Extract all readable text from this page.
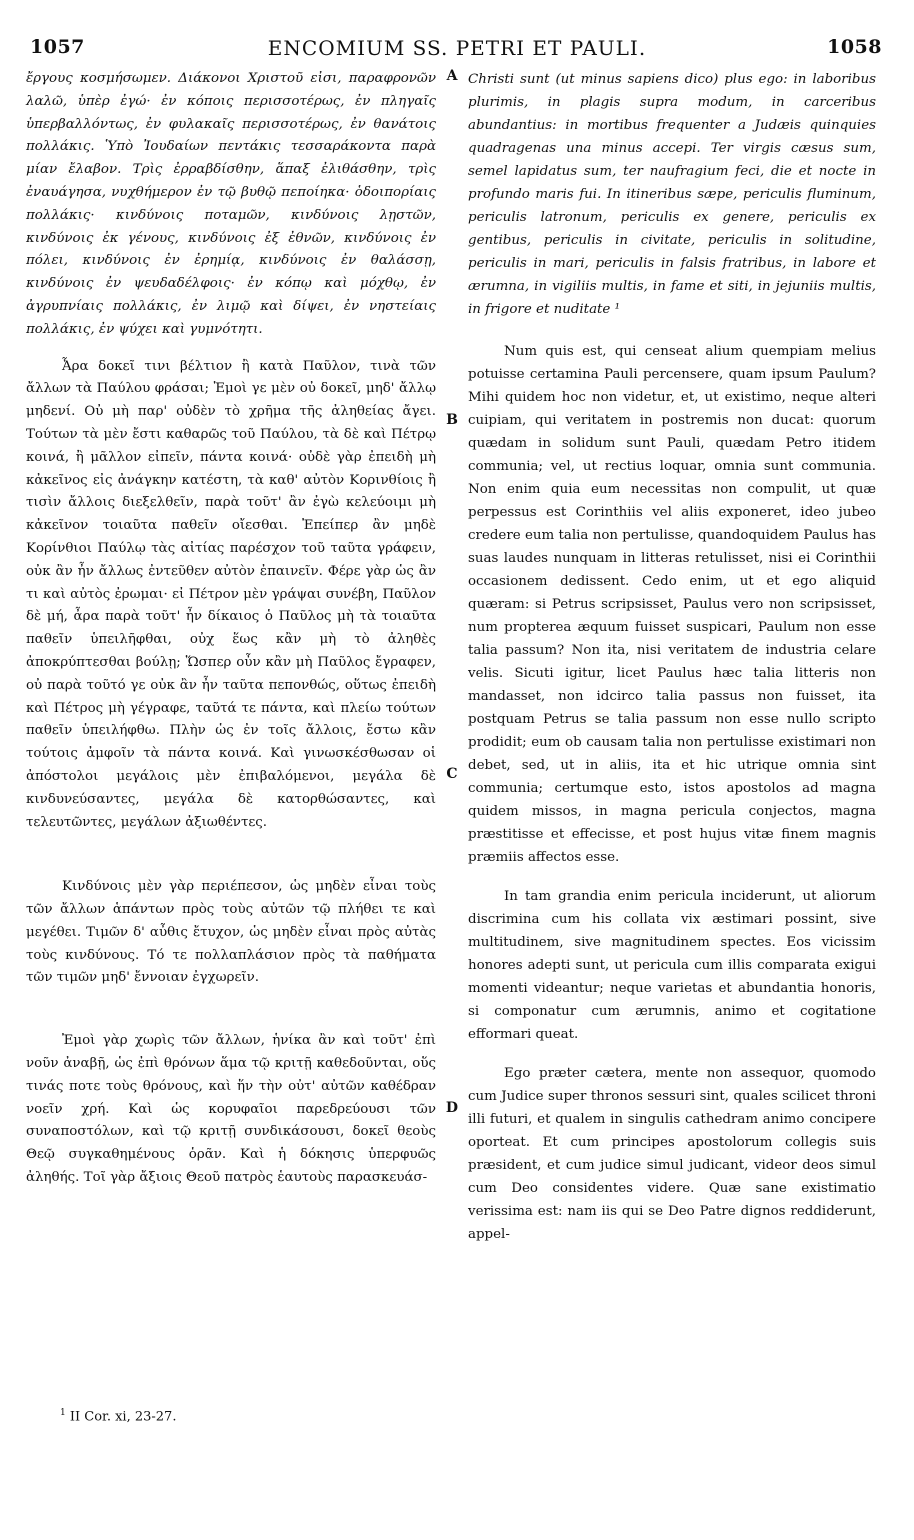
1057	ENCOMIUM SS. PETRI ET PAULI.	1058

ἔργους κοσμήσωμεν. Διάκονοι Χριστοῦ εἰσι, παραφρονῶν λαλῶ, ὑπὲρ ἐγώ· ἐν κόποις περισσοτέρως, ἐν πληγαῖς ὑπερβαλλόντως, ἐν φυλακαῖς περισσοτέρως, ἐν θανάτοις πολλάκις. Ὑπὸ Ἰουδαίων πεντάκις τεσσαράκοντα παρὰ μίαν ἔλαβον. Τρὶς ἐρραβδίσθην, ἅπαξ ἐλιθάσθην, τρὶς ἐναυάγησα, νυχθήμερον ἐν τῷ βυθῷ πεποίηκα· ὁδοιπορίαις πολλάκις· κινδύνοις ποταμῶν, κινδύνοις λῃστῶν, κινδύνοις ἐκ γένους, κινδύνοις ἐξ ἐθνῶν, κινδύνοις ἐν πόλει, κινδύνοις ἐν ἐρημίᾳ, κινδύνοις ἐν θαλάσσῃ, κινδύνοις ἐν ψευδαδέλφοις· ἐν κόπῳ καὶ μόχθῳ, ἐν ἀγρυπνίαις πολλάκις, ἐν λιμῷ καὶ δίψει, ἐν νηστείαις πολλάκις, ἐν ψύχει καὶ γυμνότητι.

Ἆρα δοκεῖ τινι βέλτιον ἢ κατὰ Παῦλον, τινὰ τῶν ἄλλων τὰ Παύλου φράσαι; Ἐμοὶ γε μὲν οὐ δοκεῖ, μηδ' ἄλλῳ μηδενί. Οὐ μὴ παρ' οὐδὲν τὸ χρῆμα τῆς ἀληθείας ἄγει. Τούτων τὰ μὲν ἔστι καθαρῶς τοῦ Παύλου, τὰ δὲ καὶ Πέτρῳ κοινά, ἢ μᾶλλον εἰπεῖν, πάντα κοινά· οὐδὲ γὰρ ἐπειδὴ μὴ κἀκεῖνος εἰς ἀνάγκην κατέστη, τὰ καθ' αὐτὸν Κορινθίοις ἢ τισὶν ἄλλοις διεξελθεῖν, παρὰ τοῦτ' ἂν ἐγὼ κελεύοιμι μὴ κἀκεῖνον τοιαῦτα παθεῖν οἴεσθαι. Ἐπείπερ ἂν μηδὲ Κορίνθιοι Παύλῳ τὰς αἰτίας παρέσχον τοῦ ταῦτα γράφειν, οὐκ ἂν ἦν ἄλλως ἐντεῦθεν αὐτὸν ἐπαινεῖν. Φέρε γὰρ ὡς ἂν τι καὶ αὐτὸς ἐρωμαι· εἰ Πέτρον μὲν γράψαι συνέβη, Παῦλον δὲ μή, ἆρα παρὰ τοῦτ' ἦν δίκαιος ὁ Παῦλος μὴ τὰ τοιαῦτα παθεῖν ὑπειλῆφθαι, οὐχ ἕως κἂν μὴ τὸ ἀληθὲς ἀποκρύπτεσθαι βούλῃ; Ὥσπερ οὖν κἂν μὴ Παῦλος ἔγραφεν, οὐ παρὰ τοῦτό γε οὐκ ἂν ἦν ταῦτα πεπονθώς, οὕτως ἐπειδὴ καὶ Πέτρος μὴ γέγραφε, ταῦτά τε πάντα, καὶ πλείω τούτων παθεῖν ὑπειλήφθω. Πλὴν ὡς ἐν τοῖς ἄλλοις, ἔστω κἂν τούτοις ἀμφοῖν τὰ πάντα κοινά. Καὶ γινωσκέσθωσαν οἱ ἀπόστολοι μεγάλοις μὲν ἐπιβαλόμενοι, μεγάλα δὲ κινδυνεύσαντες, μεγάλα δὲ κατορθώσαντες, καὶ τελευτῶντες, μεγάλων ἀξιωθέντες.

Κινδύνοις μὲν γὰρ περιέπεσον, ὡς μηδὲν εἶναι τοὺς τῶν ἄλλων ἁπάντων πρὸς τοὺς αὐτῶν τῷ πλήθει τε καὶ μεγέθει. Τιμῶν δ' αὖθις ἔτυχον, ὡς μηδὲν εἶναι πρὸς αὐτὰς τοὺς κινδύνους. Τό τε πολλαπλάσιον πρὸς τὰ παθήματα τῶν τιμῶν μηδ' ἔννοιαν ἐγχωρεῖν.

Ἐμοὶ γὰρ χωρὶς τῶν ἄλλων, ἡνίκα ἂν καὶ τοῦτ' ἐπὶ νοῦν ἀναβῇ, ὡς ἐπὶ θρόνων ἅμα τῷ κριτῇ καθεδοῦνται, οὕς τινάς ποτε τοὺς θρόνους, καὶ ἥν τὴν οὐτ' αὐτῶν καθέδραν νοεῖν χρή. Καὶ ὡς κορυφαῖοι παρεδρεύουσι τῶν συναποστόλων, καὶ τῷ κριτῇ συνδικάσουσι, δοκεῖ θεοὺς Θεῷ συγκαθημένους ὁρᾶν. Καὶ ἡ δόκησις ὑπερφυῶς ἀληθής. Τοῖ γὰρ ἄξιοις Θεοῦ πατρὸς ἑαυτοὺς παρασκευάσ-

Christi sunt (ut minus sapiens dico) plus ego: in laboribus plurimis, in plagis supra modum, in carceribus abundantius: in mortibus frequenter a Judæis quinquies quadragenas una minus accepi. Ter virgis cæsus sum, semel lapidatus sum, ter naufragium feci, die et nocte in profundo maris fui. In itineribus sæpe, periculis fluminum, periculis latronum, periculis ex genere, periculis ex gentibus, periculis in civitate, periculis in solitudine, periculis in mari, periculis in falsis fratribus, in labore et ærumna, in vigiliis multis, in fame et siti, in jejuniis multis, in frigore et nuditate ¹

Num quis est, qui censeat alium quempiam melius potuisse certamina Pauli percensere, quam ipsum Paulum? Mihi quidem hoc non videtur, et, ut existimo, neque alteri cuipiam, qui veritatem in postremis non ducat: quorum quædam in solidum sunt Pauli, quædam Petro itidem communia; vel, ut rectius loquar, omnia sunt communia. Non enim quia eum necessitas non compulit, ut quæ perpessus est Corinthiis vel aliis exponeret, ideo jubeo credere eum talia non pertulisse, quandoquidem Paulus has suas laudes nunquam in litteras retulisset, nisi ei Corinthii occasionem dedissent. Cedo enim, ut et ego aliquid quæram: si Petrus scripsisset, Paulus vero non scripsisset, num propterea æquum fuisset suspicari, Paulum non esse talia passum? Non ita, nisi veritatem de industria celare velis. Sicuti igitur, licet Paulus hæc talia litteris non mandasset, non idcirco talia passus non fuisset, ita postquam Petrus se talia passum non esse nullo scripto prodidit; eum ob causam talia non pertulisse existimari non debet, sed, ut in aliis, ita et hic utrique omnia sint communia; certumque esto, istos apostolos ad magna quidem missos, in magna pericula conjectos, magna præstitisse et effecisse, et post hujus vitæ finem magnis præmiis affectos esse.

In tam grandia enim pericula inciderunt, ut aliorum discrimina cum his collata vix æstimari possint, sive multitudinem, sive magnitudinem spectes. Eos vicissim honores adepti sunt, ut pericula cum illis comparata exigui momenti videantur; neque varietas et abundantia honoris, si componatur cum ærumnis, animo et cogitatione efformari queat.

Ego præter cætera, mente non assequor, quomodo cum Judice super thronos sessuri sint, quales scilicet throni illi futuri, et qualem in singulis cathedram animo concipere oporteat. Et cum principes apostolorum collegis suis præsident, et cum judice simul judicant, videor deos simul cum Deo considentes videre. Quæ sane existimatio verissima est: nam iis qui se Deo Patre dignos reddiderunt, appel-

A
B
C
D
$^1$ II Cor. xi, 23-27.
